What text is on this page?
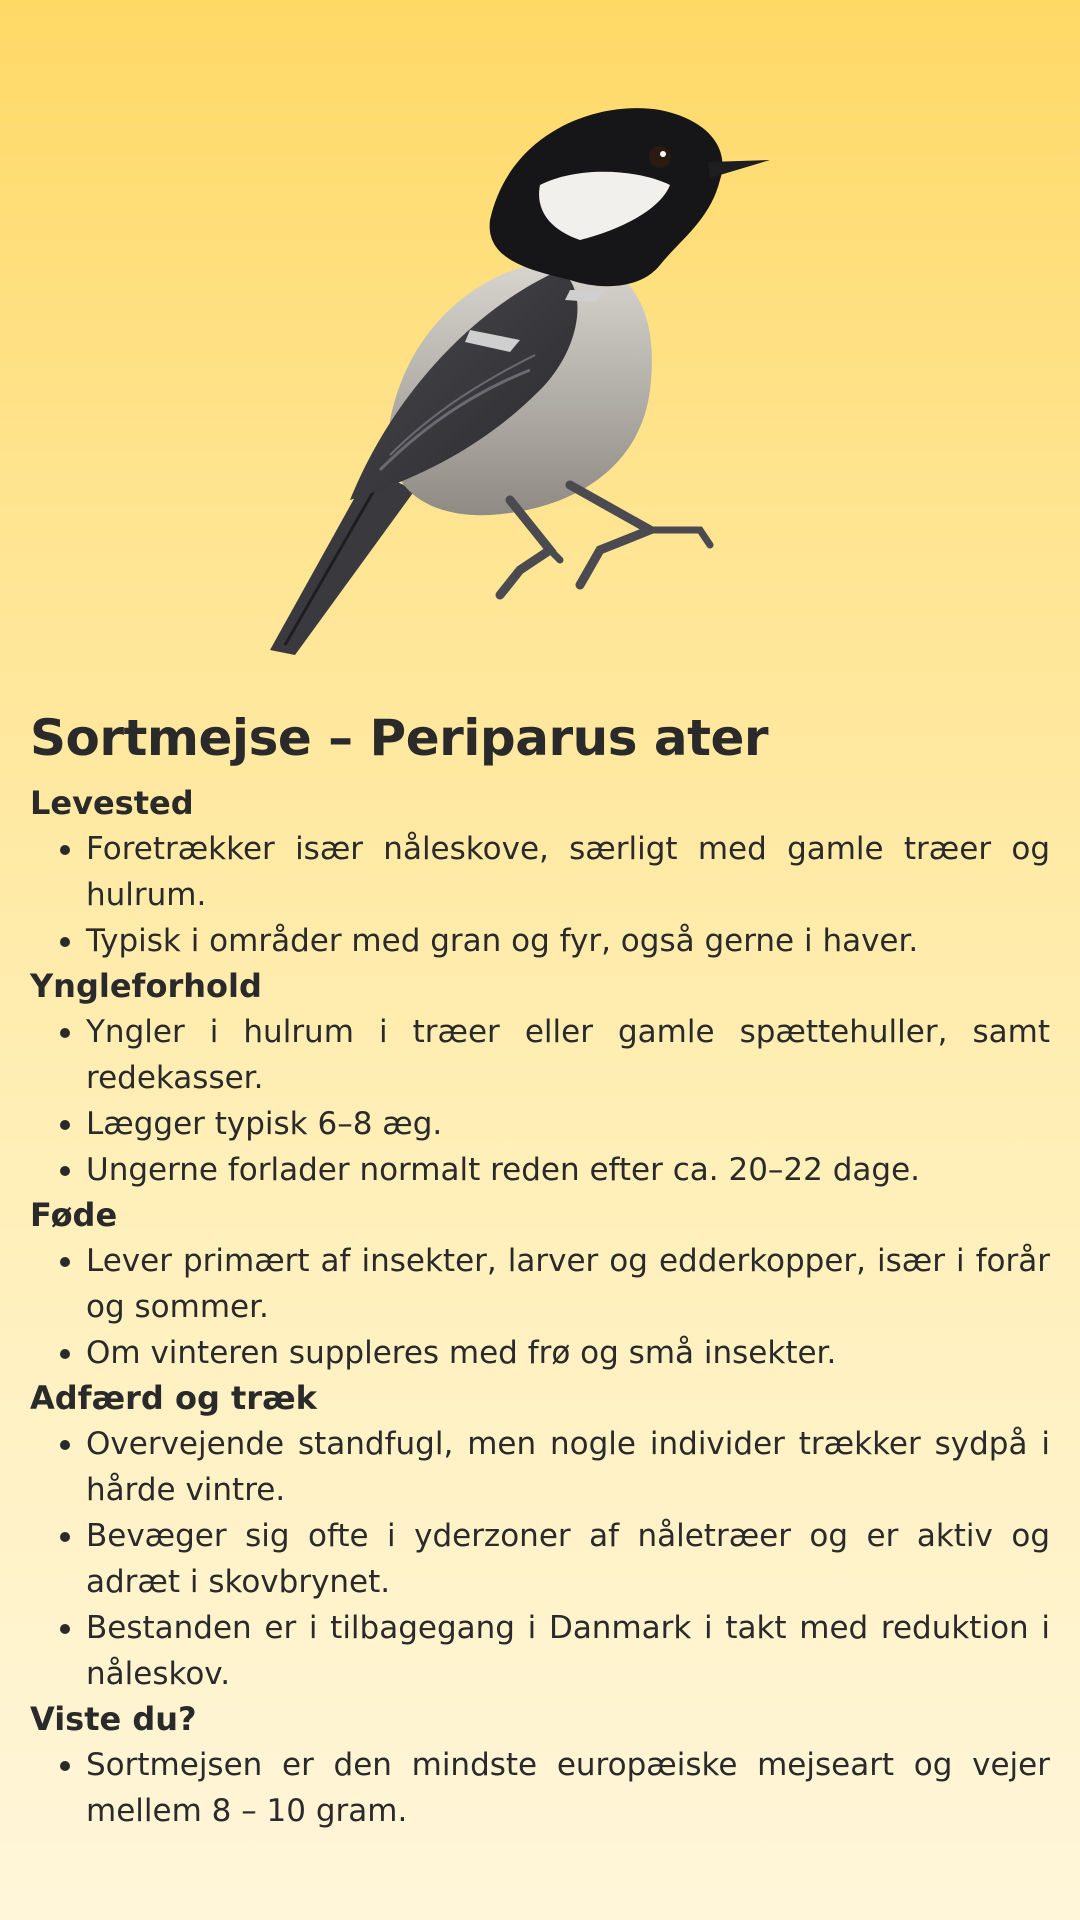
Sortmejse – Periparus ater
Levested
Foretrækker især nåleskove, særligt med gamle træer og hulrum.
Typisk i områder med gran og fyr, også gerne i haver.
Yngleforhold
Yngler i hulrum i træer eller gamle spættehuller, samt redekasser.
Lægger typisk 6–8 æg.
Ungerne forlader normalt reden efter ca. 20–22 dage.
Føde
Lever primært af insekter, larver og edderkopper, især i forår og sommer.
Om vinteren suppleres med frø og små insekter.
Adfærd og træk
Overvejende standfugl, men nogle individer trækker sydpå i hårde vintre.
Bevæger sig ofte i yderzoner af nåletræer og er aktiv og adræt i skovbrynet.
Bestanden er i tilbagegang i Danmark i takt med reduktion i nåleskov.
Viste du?
Sortmejsen er den mindste europæiske mejseart og vejer mellem 8 – 10 gram.
